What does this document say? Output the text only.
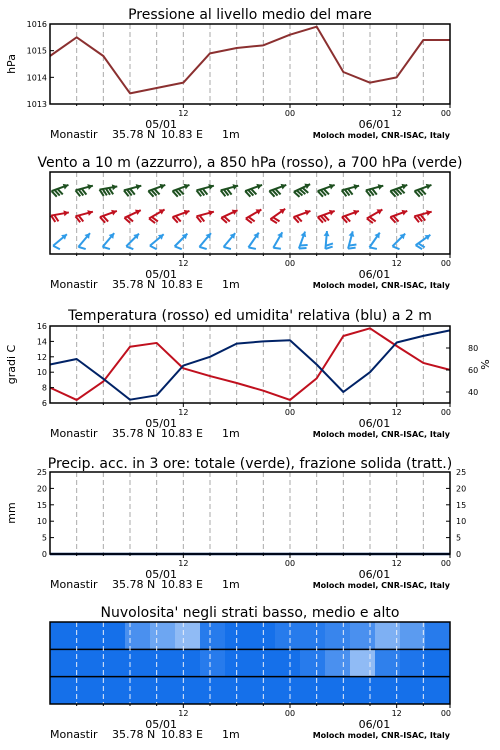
Pressione al livello medio del mare
1013
1014
1015
1016
hPa
12	00	12	00
05/01	06/01
Monastir 35.78 N 10.83 E 1m	Moloch model, CNR-ISAC, Italy
Vento a 10 m (azzurro), a 850 hPa (rosso), a 700 hPa (verde)
12	00	12	00
05/01	06/01
Monastir 35.78 N 10.83 E 1m	Moloch model, CNR-ISAC, Italy
Temperatura (rosso) ed umidita' relativa (blu) a 2 m
6
8
10
12
14
16
40
60
80
gradi C	%
12	00	12	00
05/01	06/01
Monastir 35.78 N 10.83 E 1m	Moloch model, CNR-ISAC, Italy
Precip. acc. in 3 ore: totale (verde), frazione solida (tratt.)
0
5
10
15
20
25
0
5
10
15
20
25
mm
12	00	12	00
05/01	06/01
Monastir 35.78 N 10.83 E 1m	Moloch model, CNR-ISAC, Italy
Nuvolosita' negli strati basso, medio e alto
12	00	12	00
05/01	06/01
Monastir 35.78 N 10.83 E 1m	Moloch model, CNR-ISAC, Italy
